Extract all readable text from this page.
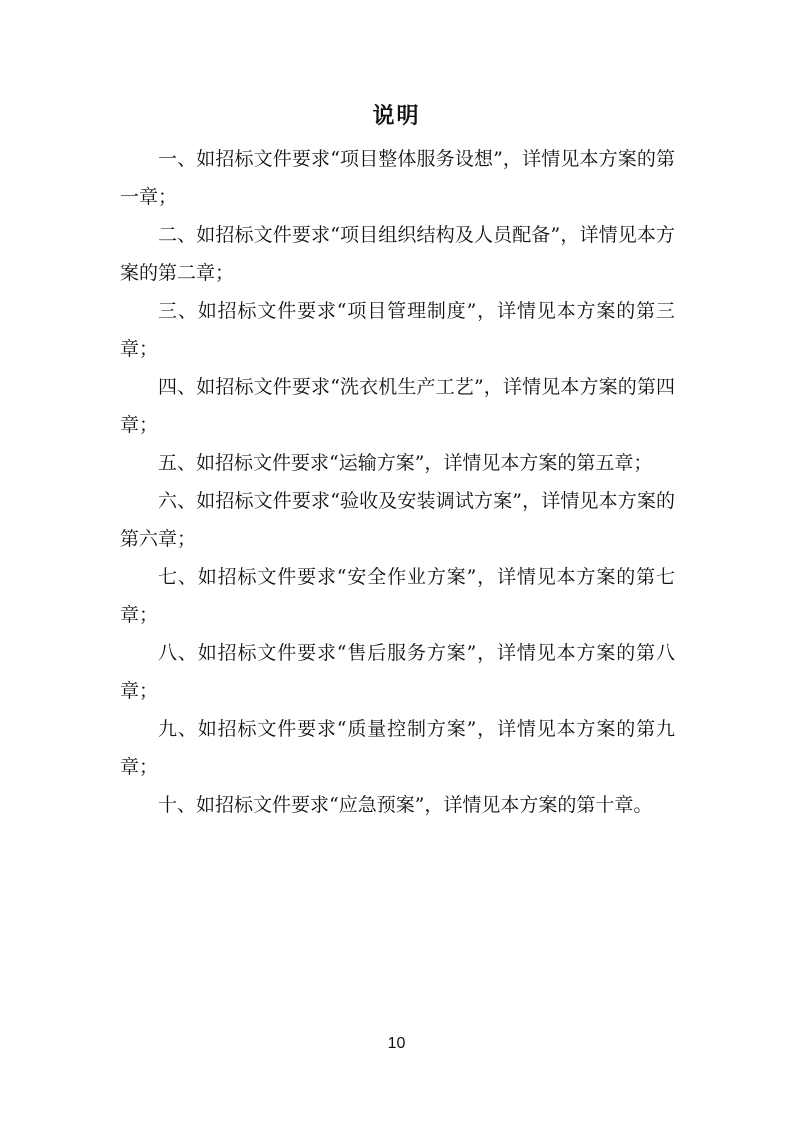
说明

一、如招标文件要求“项目整体服务设想”，详情见本方案的第一章；

二、如招标文件要求“项目组织结构及人员配备”，详情见本方案的第二章；

三、如招标文件要求“项目管理制度”，详情见本方案的第三章；

四、如招标文件要求“洗衣机生产工艺”，详情见本方案的第四章；

五、如招标文件要求“运输方案”，详情见本方案的第五章；

六、如招标文件要求“验收及安装调试方案”，详情见本方案的第六章；

七、如招标文件要求“安全作业方案”，详情见本方案的第七章；

八、如招标文件要求“售后服务方案”，详情见本方案的第八章；

九、如招标文件要求“质量控制方案”，详情见本方案的第九章；

十、如招标文件要求“应急预案”，详情见本方案的第十章。

10
